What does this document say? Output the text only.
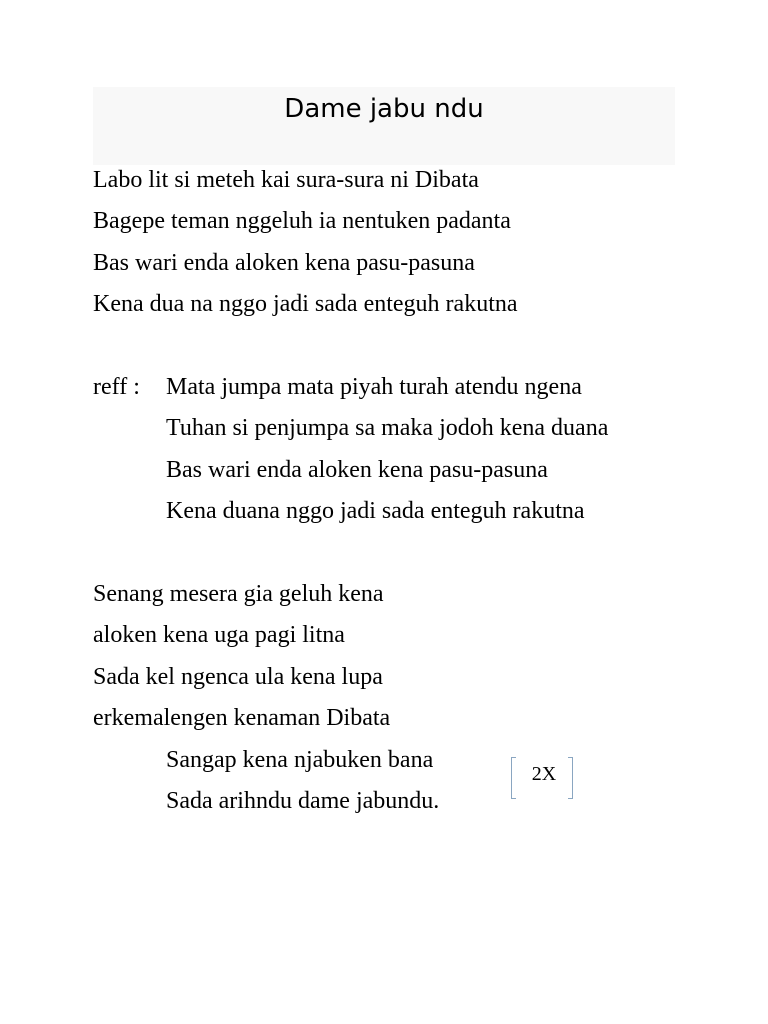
Dame jabu ndu
Labo lit si meteh kai sura-sura ni Dibata
Bagepe teman nggeluh ia nentuken padanta
Bas wari enda aloken kena pasu-pasuna
Kena dua na nggo jadi sada enteguh rakutna
reff : Mata jumpa mata piyah turah atendu ngena
Tuhan si penjumpa sa maka jodoh kena duana
Bas wari enda aloken kena pasu-pasuna
Kena duana nggo jadi sada enteguh rakutna
Senang mesera gia geluh kena
aloken kena uga pagi litna
Sada kel ngenca ula kena lupa
erkemalengen kenaman Dibata
Sangap kena njabuken bana
Sada arihndu dame jabundu.
2X
